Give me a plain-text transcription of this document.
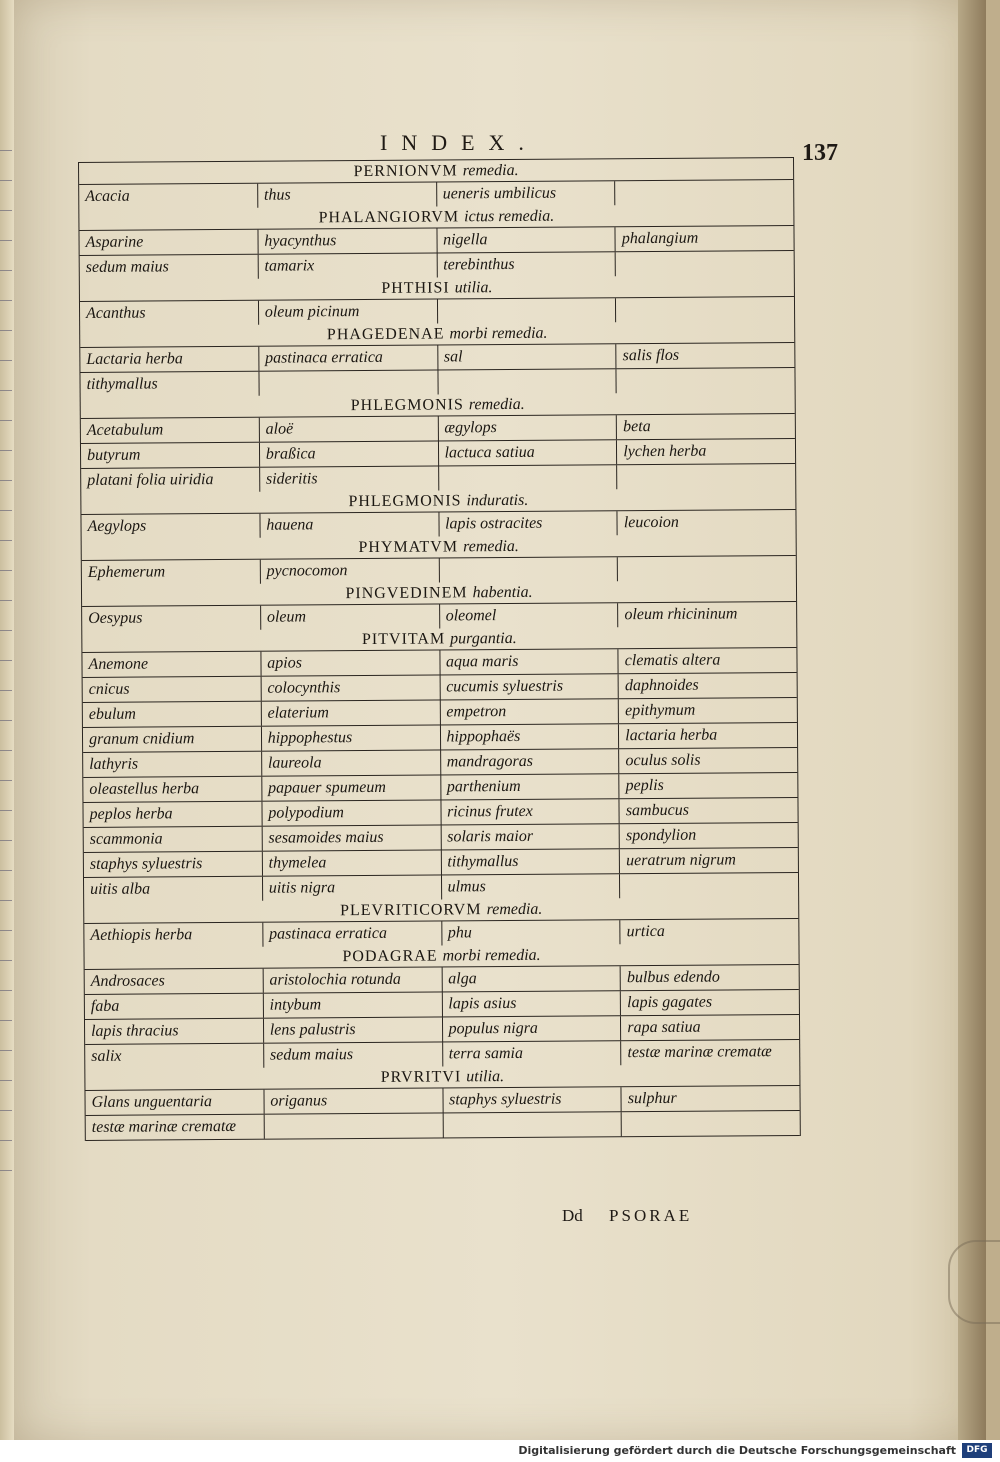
INDEX.	137
PERNIONVM remedia.
Acacia	thus	ueneris umbilicus
PHALANGIORVM ictus remedia.
Asparine	hyacynthus	nigella	phalangium
sedum maius	tamarix	terebinthus
PHTHISI utilia.
Acanthus	oleum picinum
PHAGEDENAE morbi remedia.
Lactaria herba	pastinaca erratica	sal	salis flos
tithymallus
PHLEGMONIS remedia.
Acetabulum	aloë	ægylops	beta
butyrum	braßica	lactuca satiua	lychen herba
platani folia uiridia	sideritis
PHLEGMONIS induratis.
Aegylops	hauena	lapis ostracites	leucoion
PHYMATVM remedia.
Ephemerum	pycnocomon
PINGVEDINEM habentia.
Oesypus	oleum	oleomel	oleum rhicininum
PITVITAM purgantia.
Anemone	apios	aqua maris	clematis altera
cnicus	colocynthis	cucumis syluestris	daphnoides
ebulum	elaterium	empetron	epithymum
granum cnidium	hippophestus	hippophaës	lactaria herba
lathyris	laureola	mandragoras	oculus solis
oleastellus herba	papauer spumeum	parthenium	peplis
peplos herba	polypodium	ricinus frutex	sambucus
scammonia	sesamoides maius	solaris maior	spondylion
staphys syluestris	thymelea	tithymallus	ueratrum nigrum
uitis alba	uitis nigra	ulmus
PLEVRITICORVM remedia.
Aethiopis herba	pastinaca erratica	phu	urtica
PODAGRAE morbi remedia.
Androsaces	aristolochia rotunda	alga	bulbus edendo
faba	intybum	lapis asius	lapis gagates
lapis thracius	lens palustris	populus nigra	rapa satiua
salix	sedum maius	terra samia	testæ marinæ crematæ
PRVRITVI utilia.
Glans unguentaria	origanus	staphys syluestris	sulphur
testæ marinæ crematæ
Dd PSORAE
Digitalisierung gefördert durch die Deutsche Forschungsgemeinschaft	DFG
